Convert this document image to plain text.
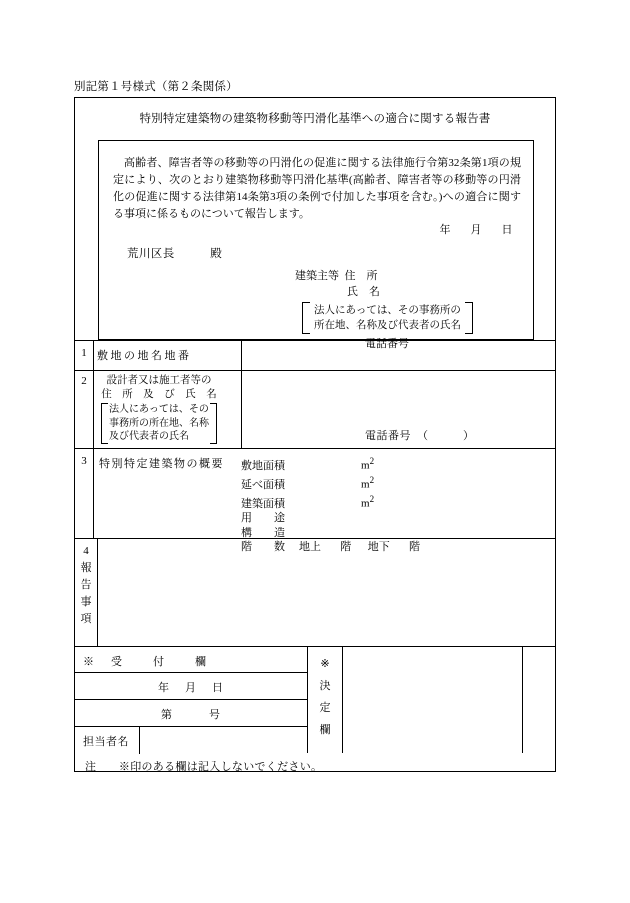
別記第１号様式（第２条関係）
特別特定建築物の建築物移動等円滑化基準への適合に関する報告書
高齢者、障害者等の移動等の円滑化の促進に関する法律施行令第32条第1項の規定により、次のとおり建築物移動等円滑化基準(高齢者、障害者等の移動等の円滑化の促進に関する法律第14条第3項の条例で付加した事項を含む。)への適合に関する事項に係るものについて報告します。
年 月 日
荒川区長　　　殿
建築主等 住　所
氏　名
法人にあっては、その事務所の
所在地、名称及び代表者の氏名
電話番号
1 敷地の地名地番
2	設計者又は施工者等の
住　所　及　び　氏　名
法人にあっては、その
事務所の所在地、名称
及び代表者の氏名	電話番号　（　　　）
3	特別特定建築物の概要 敷地面積	$m^2$
延べ面積	$m^2$
建築面積	$m^2$
用　　途
構　　造
階　　数 地上 階 地下 階
4
報
告
事
項
※　受　　付　　欄
年 月 日
第　　　号
担当者名
※
決
定
欄
注　　※印のある欄は記入しないでください。
